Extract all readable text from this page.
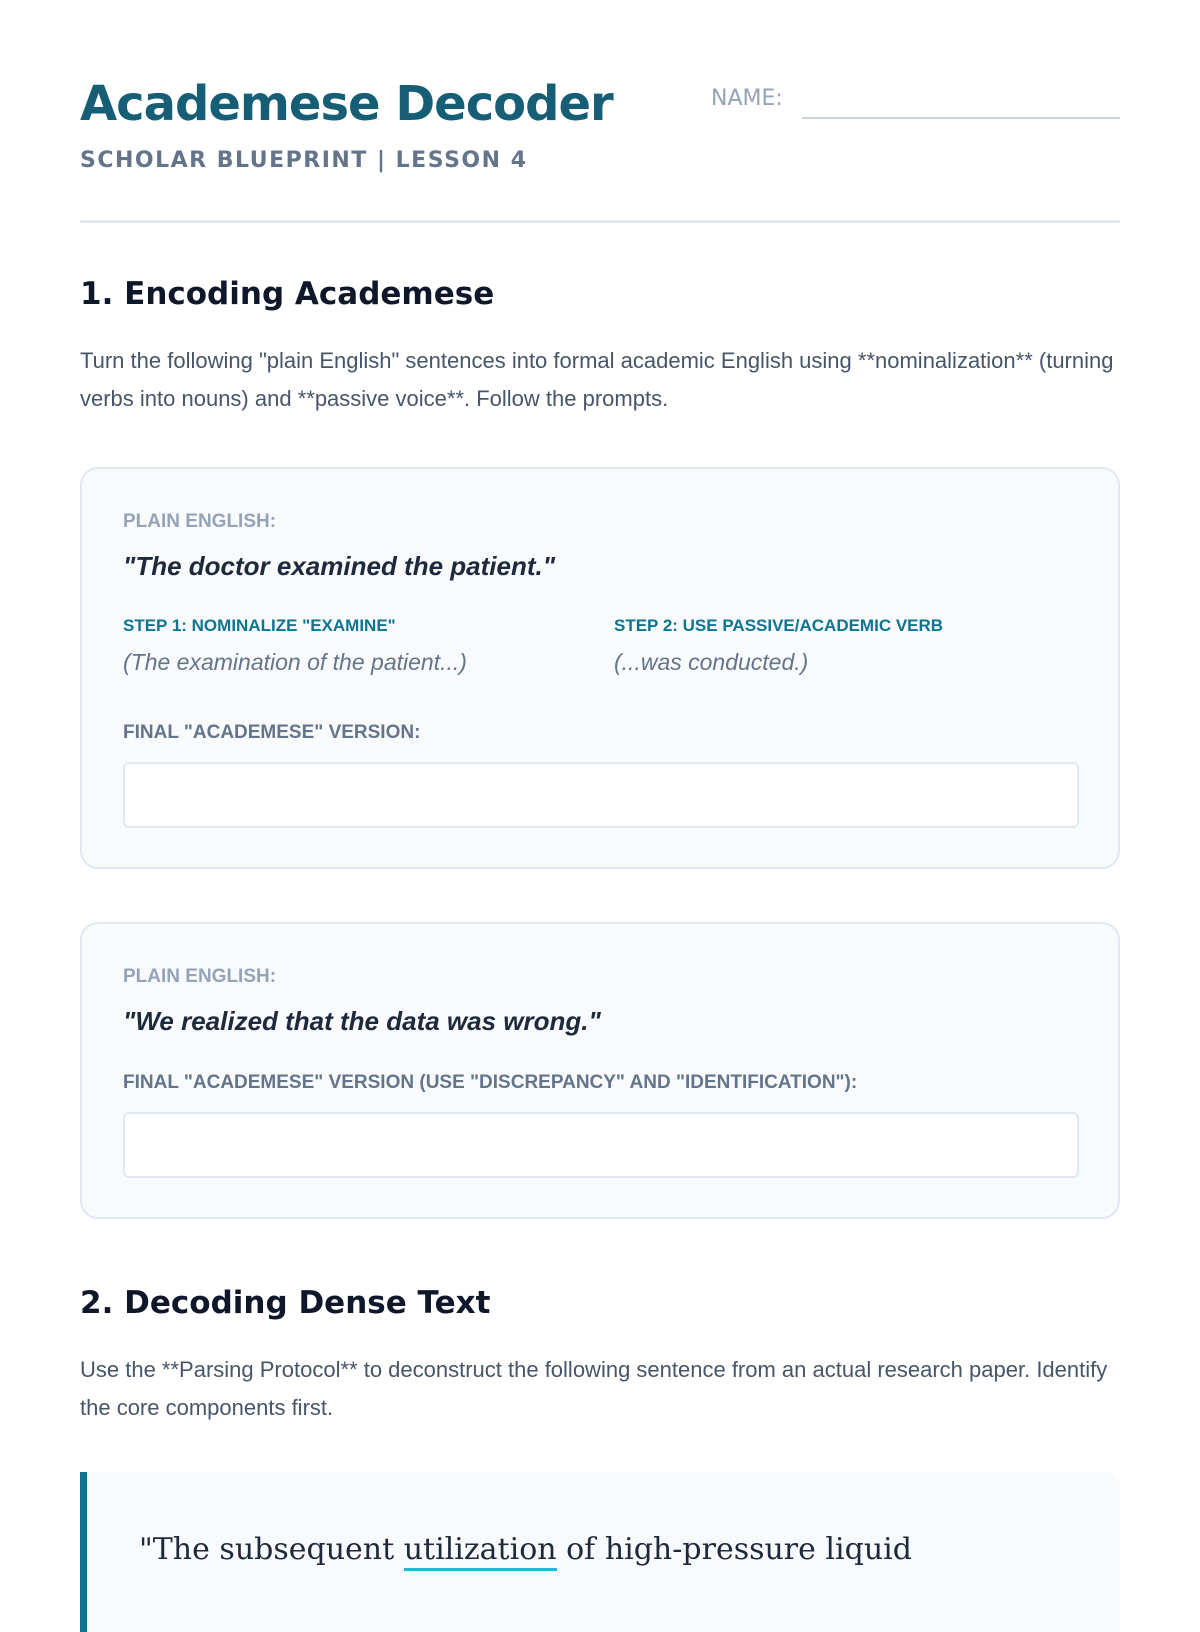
Academese Decoder
SCHOLAR BLUEPRINT | LESSON 4
NAME:
1. Encoding Academese

Turn the following "plain English" sentences into formal academic English using **nominalization** (turning verbs into nouns) and **passive voice**. Follow the prompts.

PLAIN ENGLISH:

"The doctor examined the patient."

STEP 1: NOMINALIZE "EXAMINE"
(The examination of the patient...)
STEP 2: USE PASSIVE/ACADEMIC VERB
(...was conducted.)
FINAL "ACADEMESE" VERSION:
PLAIN ENGLISH:

"We realized that the data was wrong."

FINAL "ACADEMESE" VERSION (USE "DISCREPANCY" AND "IDENTIFICATION"):
2. Decoding Dense Text

Use the **Parsing Protocol** to deconstruct the following sentence from an actual research paper. Identify the core components first.

"The subsequent utilization of high-pressure liquid
